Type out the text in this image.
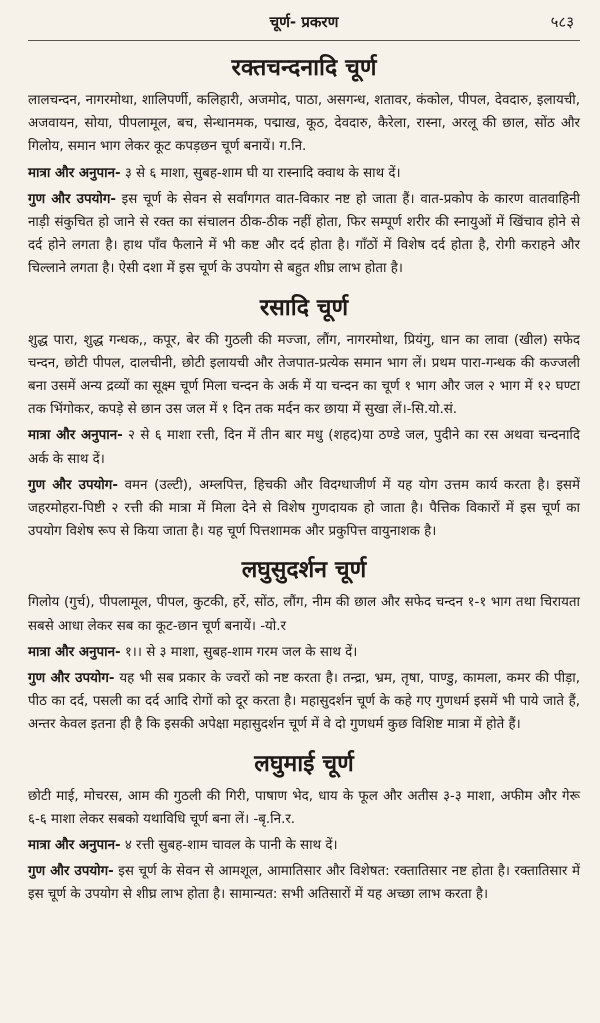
चूर्ण- प्रकरण	५८३
रक्तचन्दनादि चूर्ण

लालचन्दन, नागरमोथा, शालिपर्णी, कलिहारी, अजमोद, पाठा, असगन्ध, शतावर, कंकोल, पीपल, देवदारु, इलायची, अजवायन, सोया, पीपलामूल, बच, सेन्धानमक, पद्माख, कूठ, देवदारु, कैरेला, रास्ना, अरलू की छाल, सोंठ और गिलोय, समान भाग लेकर कूट कपड़छन चूर्ण बनायें। ग.नि.

मात्रा और अनुपान- ३ से ६ माशा, सुबह-शाम घी या रास्नादि क्वाथ के साथ दें।

गुण और उपयोग- इस चूर्ण के सेवन से सर्वांगगत वात-विकार नष्ट हो जाता हैं। वात-प्रकोप के कारण वातवाहिनी नाड़ी संकुचित हो जाने से रक्त का संचालन ठीक-ठीक नहीं होता, फिर सम्पूर्ण शरीर की स्नायुओं में खिंचाव होने से दर्द होने लगता है। हाथ पाँव फैलाने में भी कष्ट और दर्द होता है। गाँठों में विशेष दर्द होता है, रोगी कराहने और चिल्लाने लगता है। ऐसी दशा में इस चूर्ण के उपयोग से बहुत शीघ्र लाभ होता है।

रसादि चूर्ण

शुद्ध पारा, शुद्ध गन्धक,, कपूर, बेर की गुठली की मज्जा, लौंग, नागरमोथा, प्रियंगु, धान का लावा (खील) सफेद चन्दन, छोटी पीपल, दालचीनी, छोटी इलायची और तेजपात-प्रत्येक समान भाग लें। प्रथम पारा-गन्धक की कज्जली बना उसमें अन्य द्रव्यों का सूक्ष्म चूर्ण मिला चन्दन के अर्क में या चन्दन का चूर्ण १ भाग और जल २ भाग में १२ घण्टा तक भिंगोकर, कपड़े से छान उस जल में १ दिन तक मर्दन कर छाया में सुखा लें।-सि.यो.सं.

मात्रा और अनुपान- २ से ६ माशा रत्ती, दिन में तीन बार मधु (शहद)या ठण्डे जल, पुदीने का रस अथवा चन्दनादि अर्क के साथ दें।

गुण और उपयोग- वमन (उल्टी), अम्लपित्त, हिचकी और विदग्धाजीर्ण में यह योग उत्तम कार्य करता है। इसमें जहरमोहरा-पिष्टी २ रत्ती की मात्रा में मिला देने से विशेष गुणदायक हो जाता है। पैत्तिक विकारों में इस चूर्ण का उपयोग विशेष रूप से किया जाता है। यह चूर्ण पित्तशामक और प्रकुपित्त वायुनाशक है।

लघुसुदर्शन चूर्ण

गिलोय (गुर्च), पीपलामूल, पीपल, कुटकी, हर्रे, सोंठ, लौंग, नीम की छाल और सफेद चन्दन १-१ भाग तथा चिरायता सबसे आधा लेकर सब का कूट-छान चूर्ण बनायें। -यो.र

मात्रा और अनुपान- १।। से ३ माशा, सुबह-शाम गरम जल के साथ दें।

गुण और उपयोग- यह भी सब प्रकार के ज्वरों को नष्ट करता है। तन्द्रा, भ्रम, तृषा, पाण्डु, कामला, कमर की पीड़ा, पीठ का दर्द, पसली का दर्द आदि रोगों को दूर करता है। महासुदर्शन चूर्ण के कहे गए गुणधर्म इसमें भी पाये जाते हैं, अन्तर केवल इतना ही है कि इसकी अपेक्षा महासुदर्शन चूर्ण में वे दो गुणधर्म कुछ विशिष्ट मात्रा में होते हैं।

लघुमाई चूर्ण

छोटी माई, मोचरस, आम की गुठली की गिरी, पाषाण भेद, धाय के फूल और अतीस ३-३ माशा, अफीम और गेरू ६-६ माशा लेकर सबको यथाविधि चूर्ण बना लें। -बृ.नि.र.

मात्रा और अनुपान- ४ रत्ती सुबह-शाम चावल के पानी के साथ दें।

गुण और उपयोग- इस चूर्ण के सेवन से आमशूल, आमातिसार और विशेषत: रक्तातिसार नष्ट होता है। रक्तातिसार में इस चूर्ण के उपयोग से शीघ्र लाभ होता है। सामान्यत: सभी अतिसारों में यह अच्छा लाभ करता है।
